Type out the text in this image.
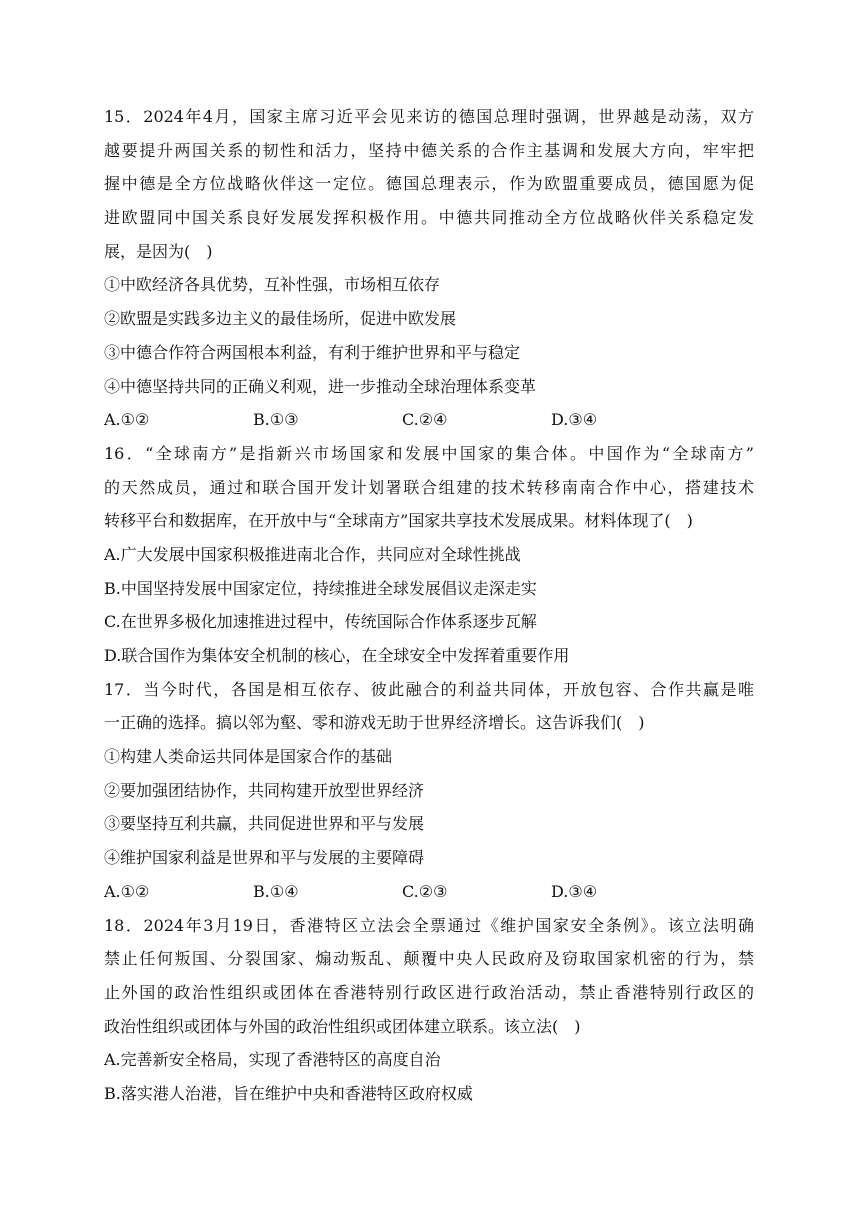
15．2024年4月，国家主席习近平会见来访的德国总理时强调，世界越是动荡，双方
越要提升两国关系的韧性和活力，坚持中德关系的合作主基调和发展大方向，牢牢把
握中德是全方位战略伙伴这一定位。德国总理表示，作为欧盟重要成员，德国愿为促
进欧盟同中国关系良好发展发挥积极作用。中德共同推动全方位战略伙伴关系稳定发
展，是因为(　)
①中欧经济各具优势，互补性强，市场相互依存
②欧盟是实践多边主义的最佳场所，促进中欧发展
③中德合作符合两国根本利益，有利于维护世界和平与稳定
④中德坚持共同的正确义利观，进一步推动全球治理体系变革
A.①②	B.①③	C.②④	D.③④
16．“全球南方”是指新兴市场国家和发展中国家的集合体。中国作为“全球南方”
的天然成员，通过和联合国开发计划署联合组建的技术转移南南合作中心，搭建技术
转移平台和数据库，在开放中与“全球南方”国家共享技术发展成果。材料体现了(　)
A.广大发展中国家积极推进南北合作，共同应对全球性挑战
B.中国坚持发展中国家定位，持续推进全球发展倡议走深走实
C.在世界多极化加速推进过程中，传统国际合作体系逐步瓦解
D.联合国作为集体安全机制的核心，在全球安全中发挥着重要作用
17．当今时代，各国是相互依存、彼此融合的利益共同体，开放包容、合作共赢是唯
一正确的选择。搞以邻为壑、零和游戏无助于世界经济增长。这告诉我们(　)
①构建人类命运共同体是国家合作的基础
②要加强团结协作，共同构建开放型世界经济
③要坚持互利共赢，共同促进世界和平与发展
④维护国家利益是世界和平与发展的主要障碍
A.①②	B.①④	C.②③	D.③④
18．2024年3月19日，香港特区立法会全票通过《维护国家安全条例》。该立法明确
禁止任何叛国、分裂国家、煽动叛乱、颠覆中央人民政府及窃取国家机密的行为，禁
止外国的政治性组织或团体在香港特别行政区进行政治活动，禁止香港特别行政区的
政治性组织或团体与外国的政治性组织或团体建立联系。该立法(　)
A.完善新安全格局，实现了香港特区的高度自治
B.落实港人治港，旨在维护中央和香港特区政府权威
